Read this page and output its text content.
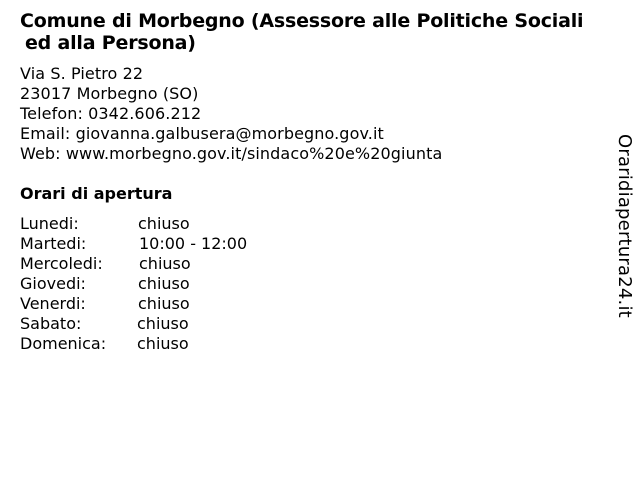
Comune di Morbegno (Assessore alle Politiche Sociali
ed alla Persona)
Via S. Pietro 22
23017 Morbegno (SO)
Telefon: 0342.606.212
Email: giovanna.galbusera@morbegno.gov.it
Web: www.morbegno.gov.it/sindaco%20e%20giunta
Orari di apertura
Lunedi:	chiuso
Martedi:	10:00 - 12:00
Mercoledi: chiuso
Giovedi:	chiuso
Venerdi:	chiuso
Sabato:	chiuso
Domenica: chiuso
Oraridiapertura24.it
